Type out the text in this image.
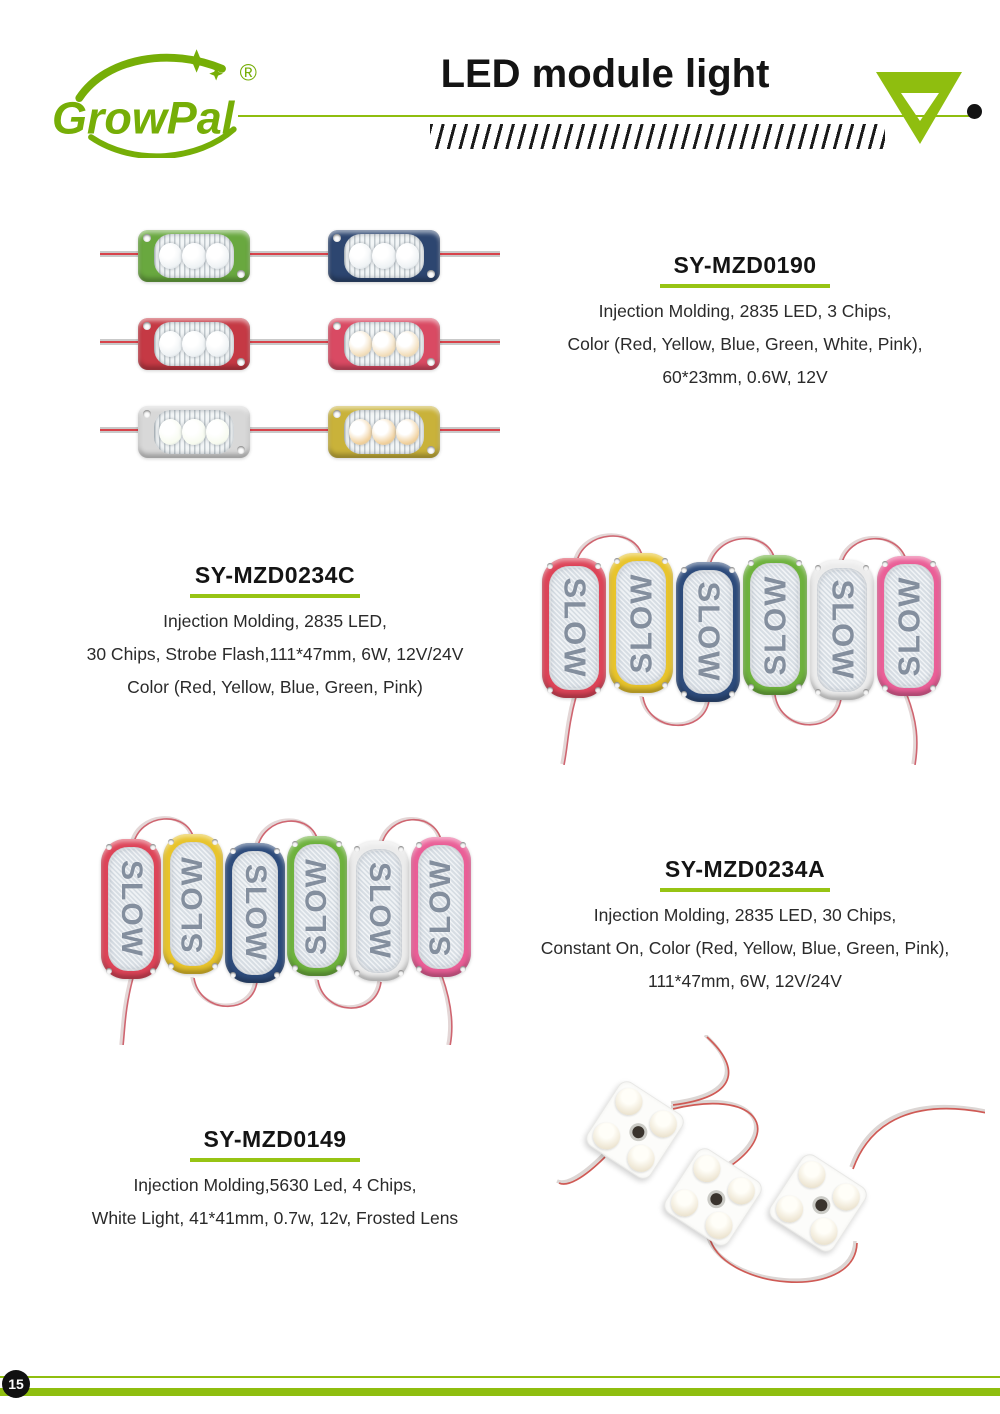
GrowPal
®	LED module light
SY-MZD0190
Injection Molding, 2835 LED, 3 Chips,
Color (Red, Yellow, Blue, Green, White, Pink),
60*23mm, 0.6W, 12V
SY-MZD0234C
Injection Molding, 2835 LED,
30 Chips, Strobe Flash,111*47mm, 6W, 12V/24V
Color (Red, Yellow, Blue, Green, Pink)
SLOW SLOW SLOW SLOW SLOW SLOW
SLOW SLOW SLOW SLOW SLOW SLOW	SY-MZD0234A
Injection Molding, 2835 LED, 30 Chips,
Constant On, Color (Red, Yellow, Blue, Green, Pink),
111*47mm, 6W, 12V/24V
SY-MZD0149
Injection Molding,5630 Led, 4 Chips,
White Light, 41*41mm, 0.7w, 12v, Frosted Lens
15
